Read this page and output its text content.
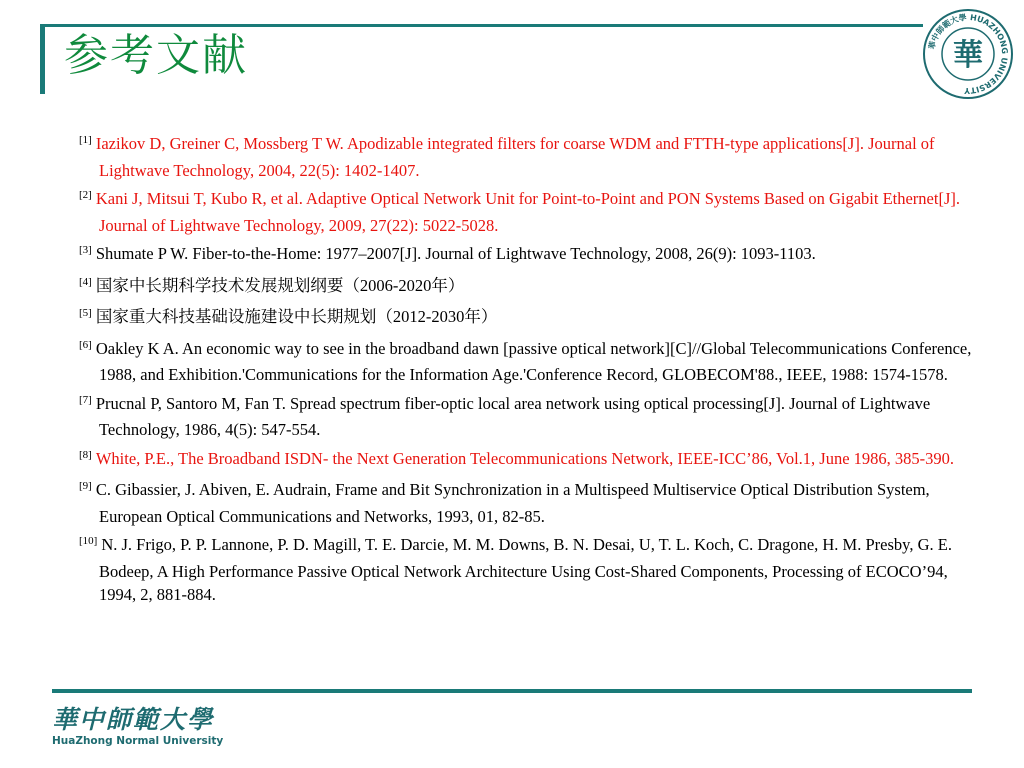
参考文献	華中師範大學 HUAZHONG UNIVERSITY
華
[1] Iazikov D, Greiner C, Mossberg T W. Apodizable integrated filters for coarse WDM and FTTH-type applications[J]. Journal of Lightwave Technology, 2004, 22(5): 1402-1407.
[2] Kani J, Mitsui T, Kubo R, et al. Adaptive Optical Network Unit for Point-to-Point and PON Systems Based on Gigabit Ethernet[J]. Journal of Lightwave Technology, 2009, 27(22): 5022-5028.
[3] Shumate P W. Fiber-to-the-Home: 1977–2007[J]. Journal of Lightwave Technology, 2008, 26(9): 1093-1103.
[4] 国家中长期科学技术发展规划纲要（2006-2020年）
[5] 国家重大科技基础设施建设中长期规划（2012-2030年）
[6] Oakley K A. An economic way to see in the broadband dawn [passive optical network][C]//Global Telecommunications Conference, 1988, and Exhibition.'Communications for the Information Age.'Conference Record, GLOBECOM'88., IEEE, 1988: 1574-1578.
[7] Prucnal P, Santoro M, Fan T. Spread spectrum fiber-optic local area network using optical processing[J]. Journal of Lightwave Technology, 1986, 4(5): 547-554.
[8] White, P.E., The Broadband ISDN- the Next Generation Telecommunications Network, IEEE-ICC’86, Vol.1, June 1986, 385-390.
[9] C. Gibassier, J. Abiven, E. Audrain, Frame and Bit Synchronization in a Multispeed Multiservice Optical Distribution System, European Optical Communications and Networks, 1993, 01, 82-85.
[10] N. J. Frigo, P. P. Lannone, P. D. Magill, T. E. Darcie, M. M. Downs, B. N. Desai, U, T. L. Koch, C. Dragone, H. M. Presby, G. E. Bodeep, A High Performance Passive Optical Network Architecture Using Cost-Shared Components, Processing of ECOCO’94, 1994, 2, 881-884.
華中師範大學
HuaZhong Normal University
